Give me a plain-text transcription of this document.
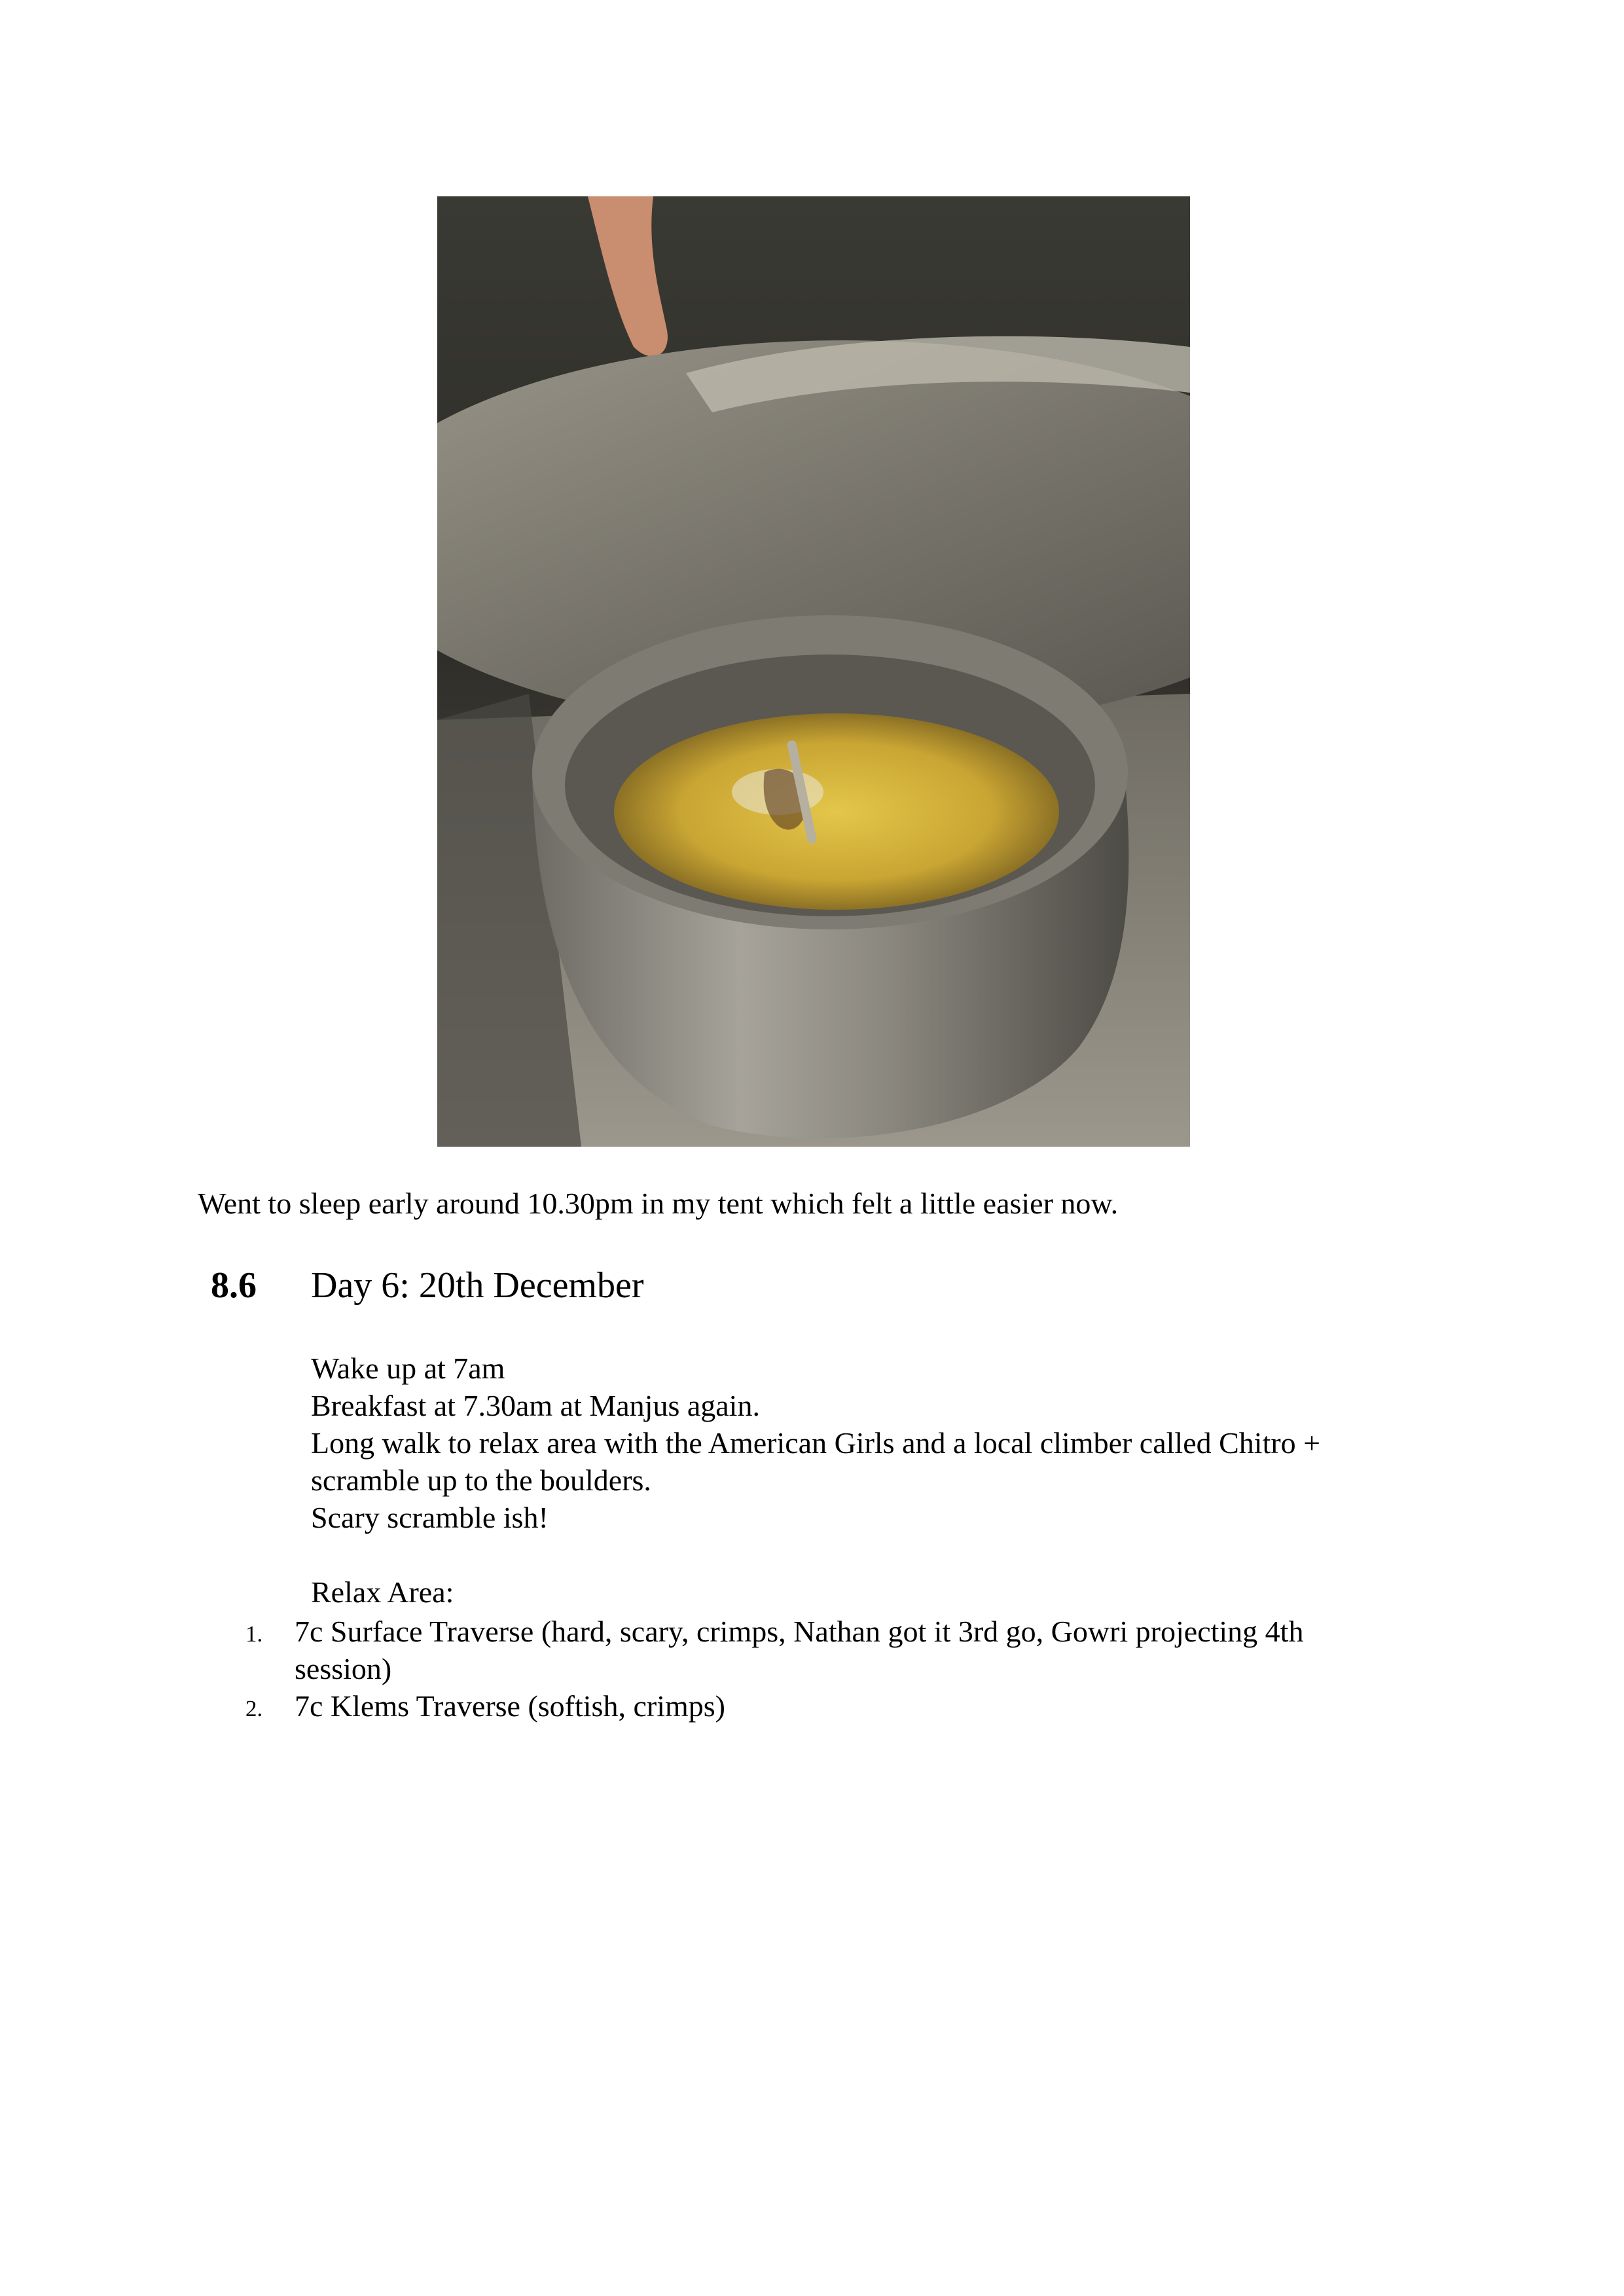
Went to sleep early around 10.30pm in my tent which felt a little easier now.
8.6 Day 6: 20th December

Wake up at 7am

Breakfast at 7.30am at Manjus again.

Long walk to relax area with the American Girls and a local climber called Chitro +

scramble up to the boulders.

Scary scramble ish!

Relax Area:

1. 7c Surface Traverse (hard, scary, crimps, Nathan got it 3rd go, Gowri projecting 4th
session)
2. 7c Klems Traverse (softish, crimps)
